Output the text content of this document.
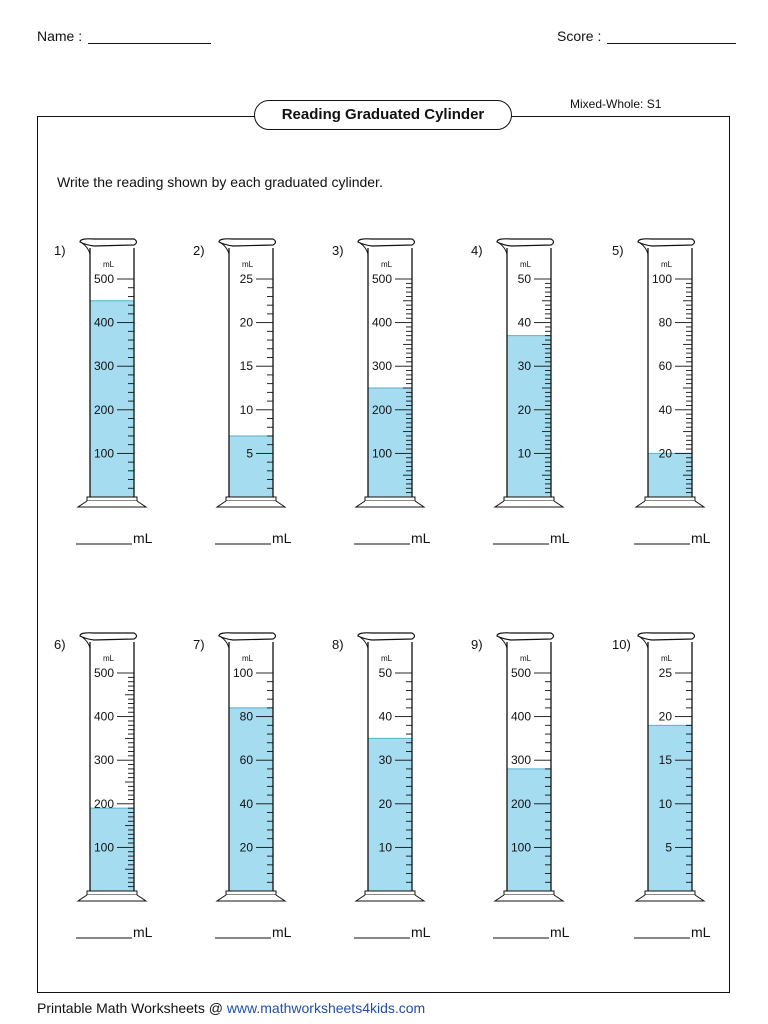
Name :	Score :
Reading Graduated Cylinder
Mixed-Whole: S1
Write the reading shown by each graduated cylinder.
1)
mL
100
200
300
400
500
mL
2)
mL
5
10
15
20
25
mL
3)
mL
100
200
300
400
500
mL
4)
mL
10
20
30
40
50
mL
5)
mL
20
40
60
80
100
mL
6)
mL
100
200
300
400
500
mL
7)
mL
20
40
60
80
100
mL
8)
mL
10
20
30
40
50
mL
9)
mL
100
200
300
400
500
mL
10)
mL
5
10
15
20
25
mL
Printable Math Worksheets @ www.mathworksheets4kids.com
